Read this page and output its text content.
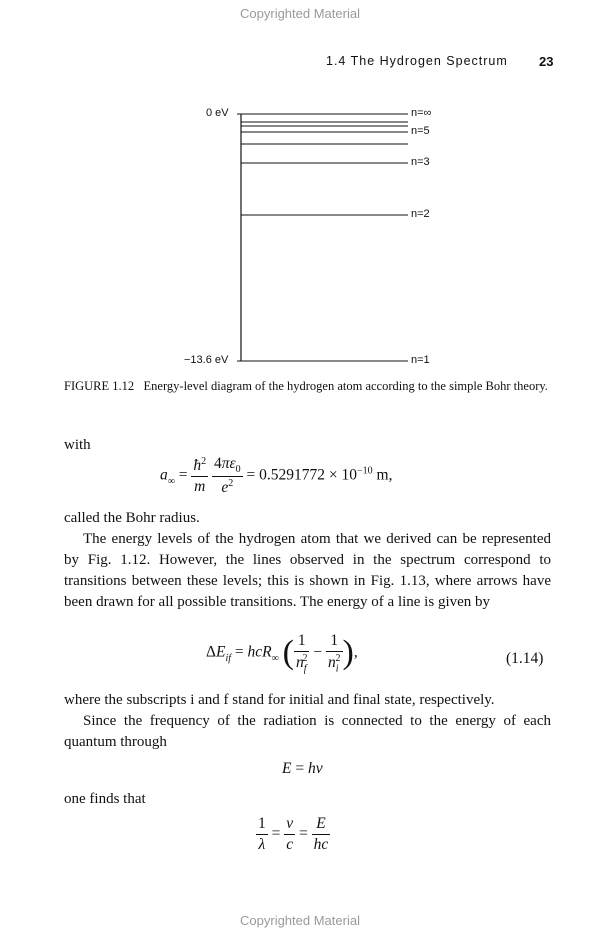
Copyrighted Material
1.4 The Hydrogen Spectrum 23
0 eV
−13.6 eV
n=∞
n=5
n=3
n=2
n=1
FIGURE 1.12 Energy-level diagram of the hydrogen atom according to the simple Bohr theory.
with
$a_\infty = \frac{ħ^2}{m}$
$\frac{4\pi\varepsilon_0}{e^2} = 0.5291772 \times 10^{-10}$ m,
called the Bohr radius.
The energy levels of the hydrogen atom that we derived can be represented by Fig. 1.12. However, the lines observed in the spectrum correspond to transitions between these levels; this is shown in Fig. 1.13, where arrows have been drawn for all possible transitions. The energy of a line is given by
$\Delta E_{if} = hcR_\infty$ ( $\frac{1}{n_f^2} - \frac{1}{n_i^2}$ ),	(1.14)
where the subscripts i and f stand for initial and final state, respectively.
Since the frequency of the radiation is connected to the energy of each quantum through
E = hν
one finds that
$\frac{1}{\lambda} = \frac{\nu}{c} = \frac{E}{hc}$
Copyrighted Material
